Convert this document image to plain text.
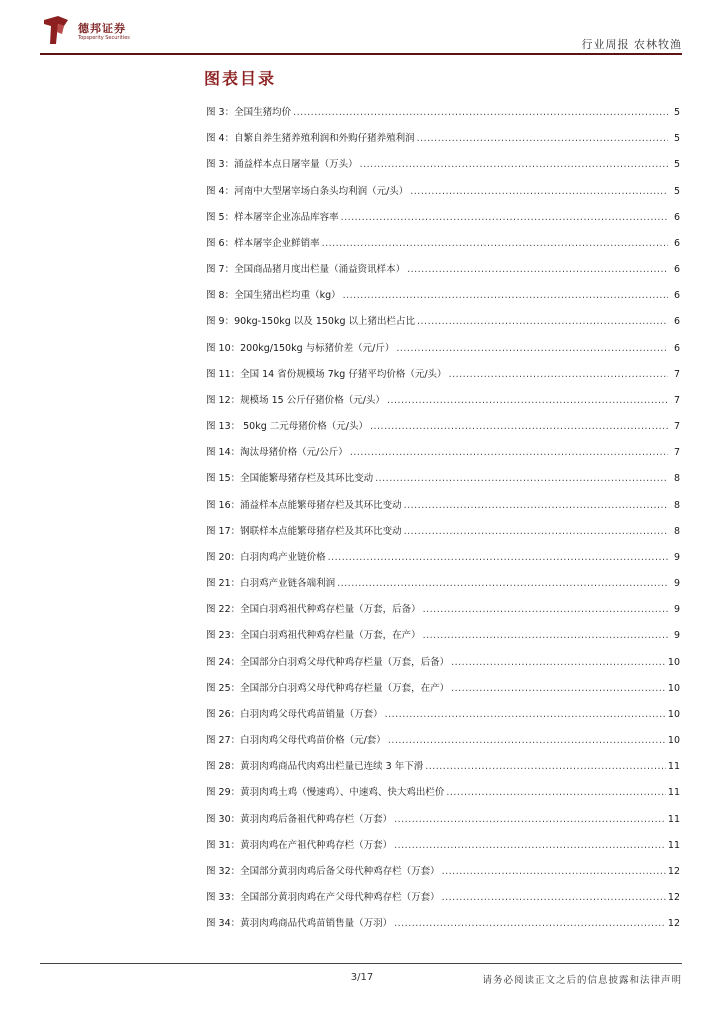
德邦证券
Topsperity Securities	行业周报 农林牧渔
图表目录
图 3：全国生猪均价 .....	5
图 4：自繁自养生猪养殖利润和外购仔猪养殖利润 .....	5
图 3：涌益样本点日屠宰量（万头） .....	5
图 4：河南中大型屠宰场白条头均利润（元/头） .....	5
图 5：样本屠宰企业冻品库容率 .....	6
图 6：样本屠宰企业鲜销率 .....	6
图 7：全国商品猪月度出栏量（涌益资讯样本） .....	6
图 8：全国生猪出栏均重（kg） .....	6
图 9：90kg-150kg 以及 150kg 以上猪出栏占比 .....	6
图 10：200kg/150kg 与标猪价差（元/斤） .....	6
图 11：全国 14 省份规模场 7kg 仔猪平均价格（元/头） .....	7
图 12：规模场 15 公斤仔猪价格（元/头） .....	7
图 13： 50kg 二元母猪价格（元/头） .....	7
图 14：淘汰母猪价格（元/公斤） .....	7
图 15：全国能繁母猪存栏及其环比变动 .....	8
图 16：涌益样本点能繁母猪存栏及其环比变动 .....	8
图 17：钢联样本点能繁母猪存栏及其环比变动 .....	8
图 20：白羽肉鸡产业链价格 .....	9
图 21：白羽鸡产业链各端利润 .....	9
图 22：全国白羽鸡祖代种鸡存栏量（万套，后备） .....	9
图 23：全国白羽鸡祖代种鸡存栏量（万套，在产） .....	9
图 24：全国部分白羽鸡父母代种鸡存栏量（万套，后备） .....	10
图 25：全国部分白羽鸡父母代种鸡存栏量（万套，在产） .....	10
图 26：白羽肉鸡父母代鸡苗销量（万套） .....	10
图 27：白羽肉鸡父母代鸡苗价格（元/套） .....	10
图 28：黄羽肉鸡商品代肉鸡出栏量已连续 3 年下滑 .....	11
图 29：黄羽肉鸡土鸡（慢速鸡）、中速鸡、快大鸡出栏价 .....	11
图 30：黄羽肉鸡后备祖代种鸡存栏（万套） .....	11
图 31：黄羽肉鸡在产祖代种鸡存栏（万套） .....	11
图 32：全国部分黄羽肉鸡后备父母代种鸡存栏（万套） .....	12
图 33：全国部分黄羽肉鸡在产父母代种鸡存栏（万套） .....	12
图 34：黄羽肉鸡商品代鸡苗销售量（万羽） .....	12
3/17	请务必阅读正文之后的信息披露和法律声明
